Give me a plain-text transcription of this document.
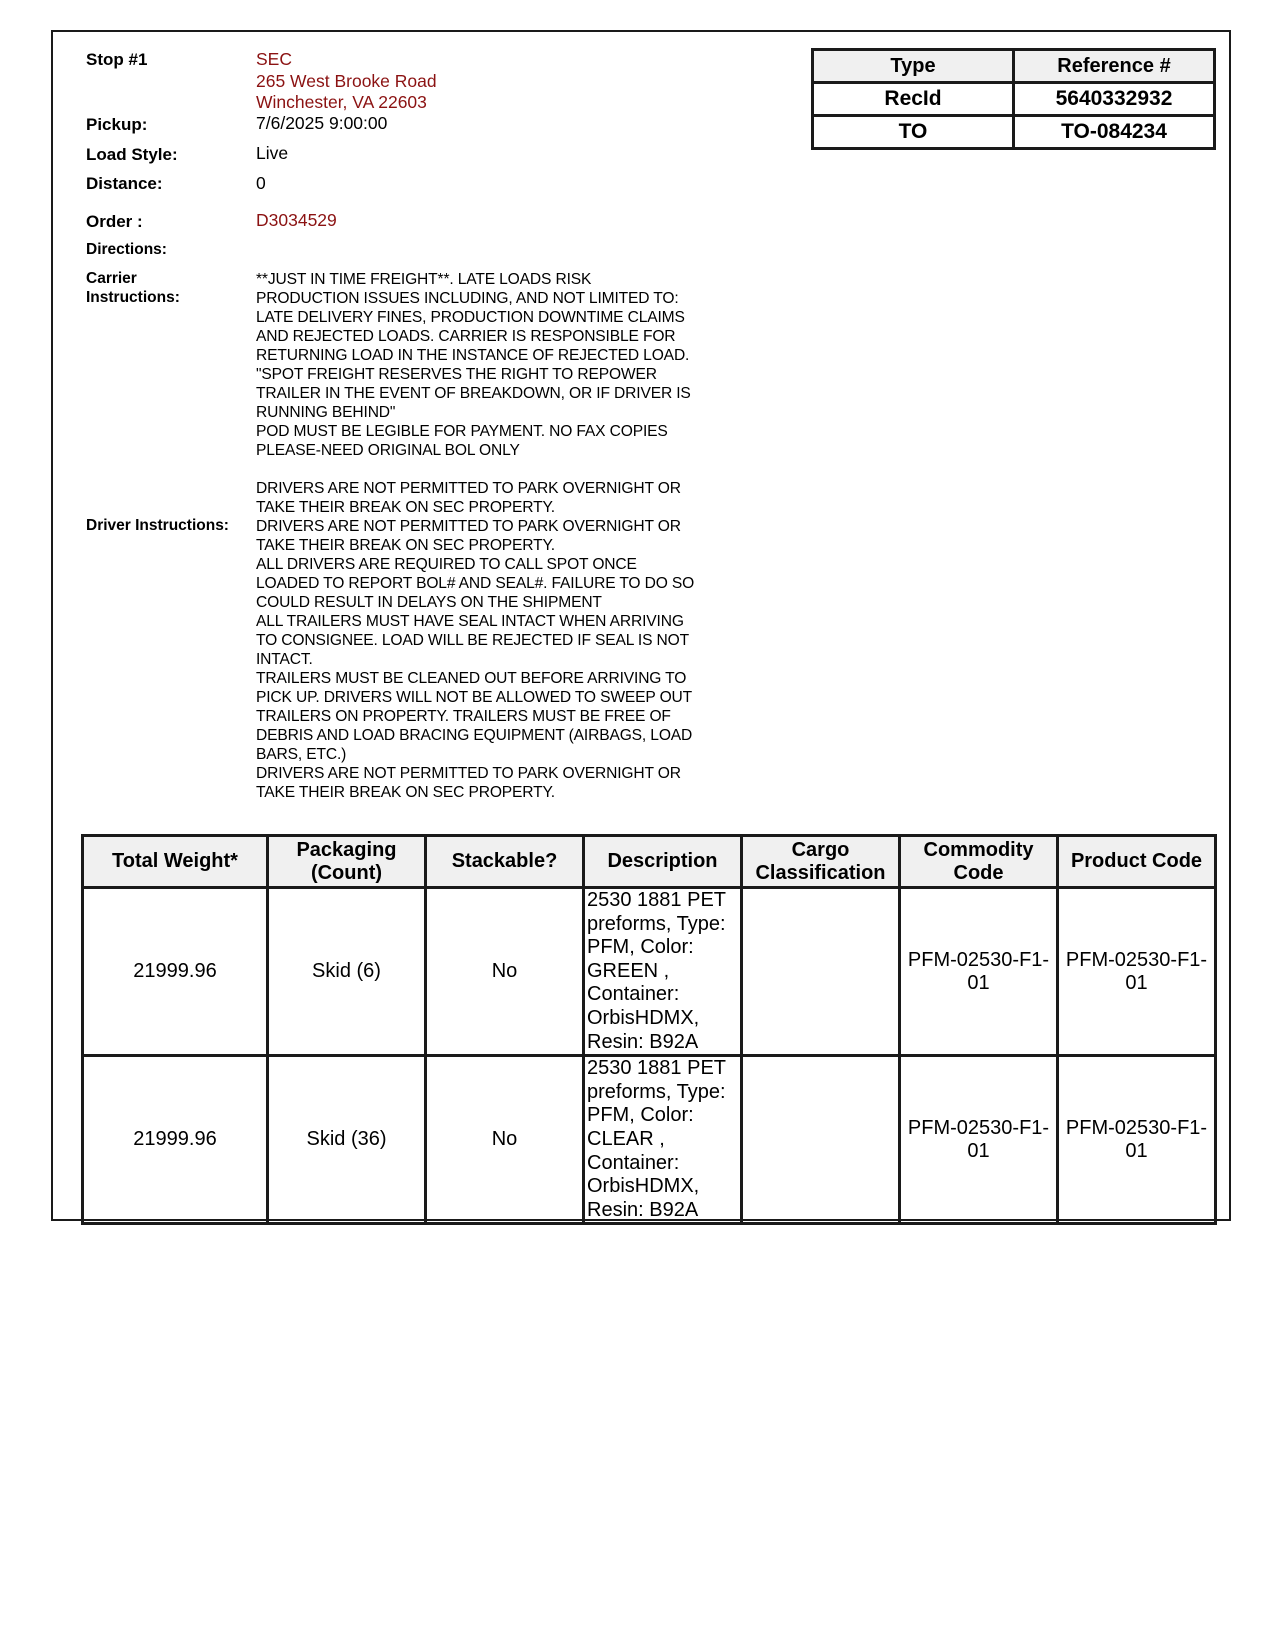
Stop #1	SEC
265 West Brooke Road
Winchester, VA 22603
Pickup:	7/6/2025 9:00:00
Load Style:	Live
Distance:	0
Order :	D3034529
Directions:
Carrier
Instructions:
**JUST IN TIME FREIGHT**. LATE LOADS RISK
PRODUCTION ISSUES INCLUDING, AND NOT LIMITED TO:
LATE DELIVERY FINES, PRODUCTION DOWNTIME CLAIMS
AND REJECTED LOADS. CARRIER IS RESPONSIBLE FOR
RETURNING LOAD IN THE INSTANCE OF REJECTED LOAD.
"SPOT FREIGHT RESERVES THE RIGHT TO REPOWER
TRAILER IN THE EVENT OF BREAKDOWN, OR IF DRIVER IS
RUNNING BEHIND"
POD MUST BE LEGIBLE FOR PAYMENT. NO FAX COPIES
PLEASE-NEED ORIGINAL BOL ONLY
DRIVERS ARE NOT PERMITTED TO PARK OVERNIGHT OR
TAKE THEIR BREAK ON SEC PROPERTY.
Driver Instructions: DRIVERS ARE NOT PERMITTED TO PARK OVERNIGHT OR
TAKE THEIR BREAK ON SEC PROPERTY.
ALL DRIVERS ARE REQUIRED TO CALL SPOT ONCE
LOADED TO REPORT BOL# AND SEAL#. FAILURE TO DO SO
COULD RESULT IN DELAYS ON THE SHIPMENT
ALL TRAILERS MUST HAVE SEAL INTACT WHEN ARRIVING
TO CONSIGNEE. LOAD WILL BE REJECTED IF SEAL IS NOT
INTACT.
TRAILERS MUST BE CLEANED OUT BEFORE ARRIVING TO
PICK UP. DRIVERS WILL NOT BE ALLOWED TO SWEEP OUT
TRAILERS ON PROPERTY. TRAILERS MUST BE FREE OF
DEBRIS AND LOAD BRACING EQUIPMENT (AIRBAGS, LOAD
BARS, ETC.)
DRIVERS ARE NOT PERMITTED TO PARK OVERNIGHT OR
TAKE THEIR BREAK ON SEC PROPERTY.
Type	Reference #
RecId	5640332932
TO	TO-084234
Total Weight*	Packaging (Count)	Stackable?	Description	Cargo Classification	Commodity Code	Product Code
21999.96	Skid (6)	No	2530 1881 PET preforms, Type: PFM, Color: GREEN , Container: OrbisHDMX, Resin: B92A		PFM-02530-F1-01	PFM-02530-F1-01
21999.96	Skid (36)	No	2530 1881 PET preforms, Type: PFM, Color: CLEAR , Container: OrbisHDMX, Resin: B92A		PFM-02530-F1-01	PFM-02530-F1-01
